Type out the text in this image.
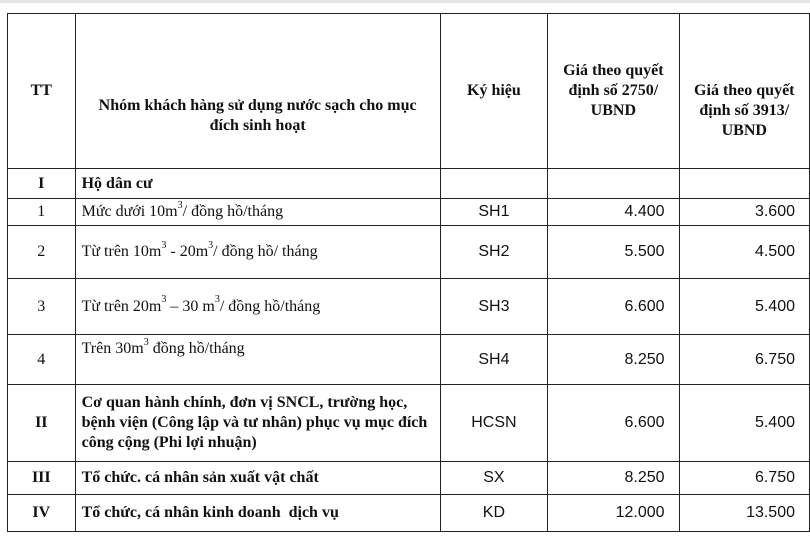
TT	Nhóm khách hàng sử dụng nước sạch cho mục đích sinh hoạt	Ký hiệu	Giá theo quyết định số 2750/ UBND	Giá theo quyết định số 3913/ UBND
I	Hộ dân cư			
1	Mức dưới $10m^3/$ đồng hồ/tháng	SH1	4.400	3.600
2	Từ trên $10m^3 - 20m^3/$ đồng hồ/ tháng	SH2	5.500	4.500
3	Từ trên $20m^3 - 30$ $m^3/$ đồng hồ/tháng	SH3	6.600	5.400
4	Trên $30m^3$ đồng hồ/tháng	SH4	8.250	6.750
II	Cơ quan hành chính, đơn vị SNCL, trường học, bệnh viện (Công lập và tư nhân) phục vụ mục đích công cộng (Phi lợi nhuận)	HCSN	6.600	5.400
III	Tổ chức. cá nhân sản xuất vật chất	SX	8.250	6.750
IV	Tổ chức, cá nhân kinh doanh  dịch vụ	KD	12.000	13.500
